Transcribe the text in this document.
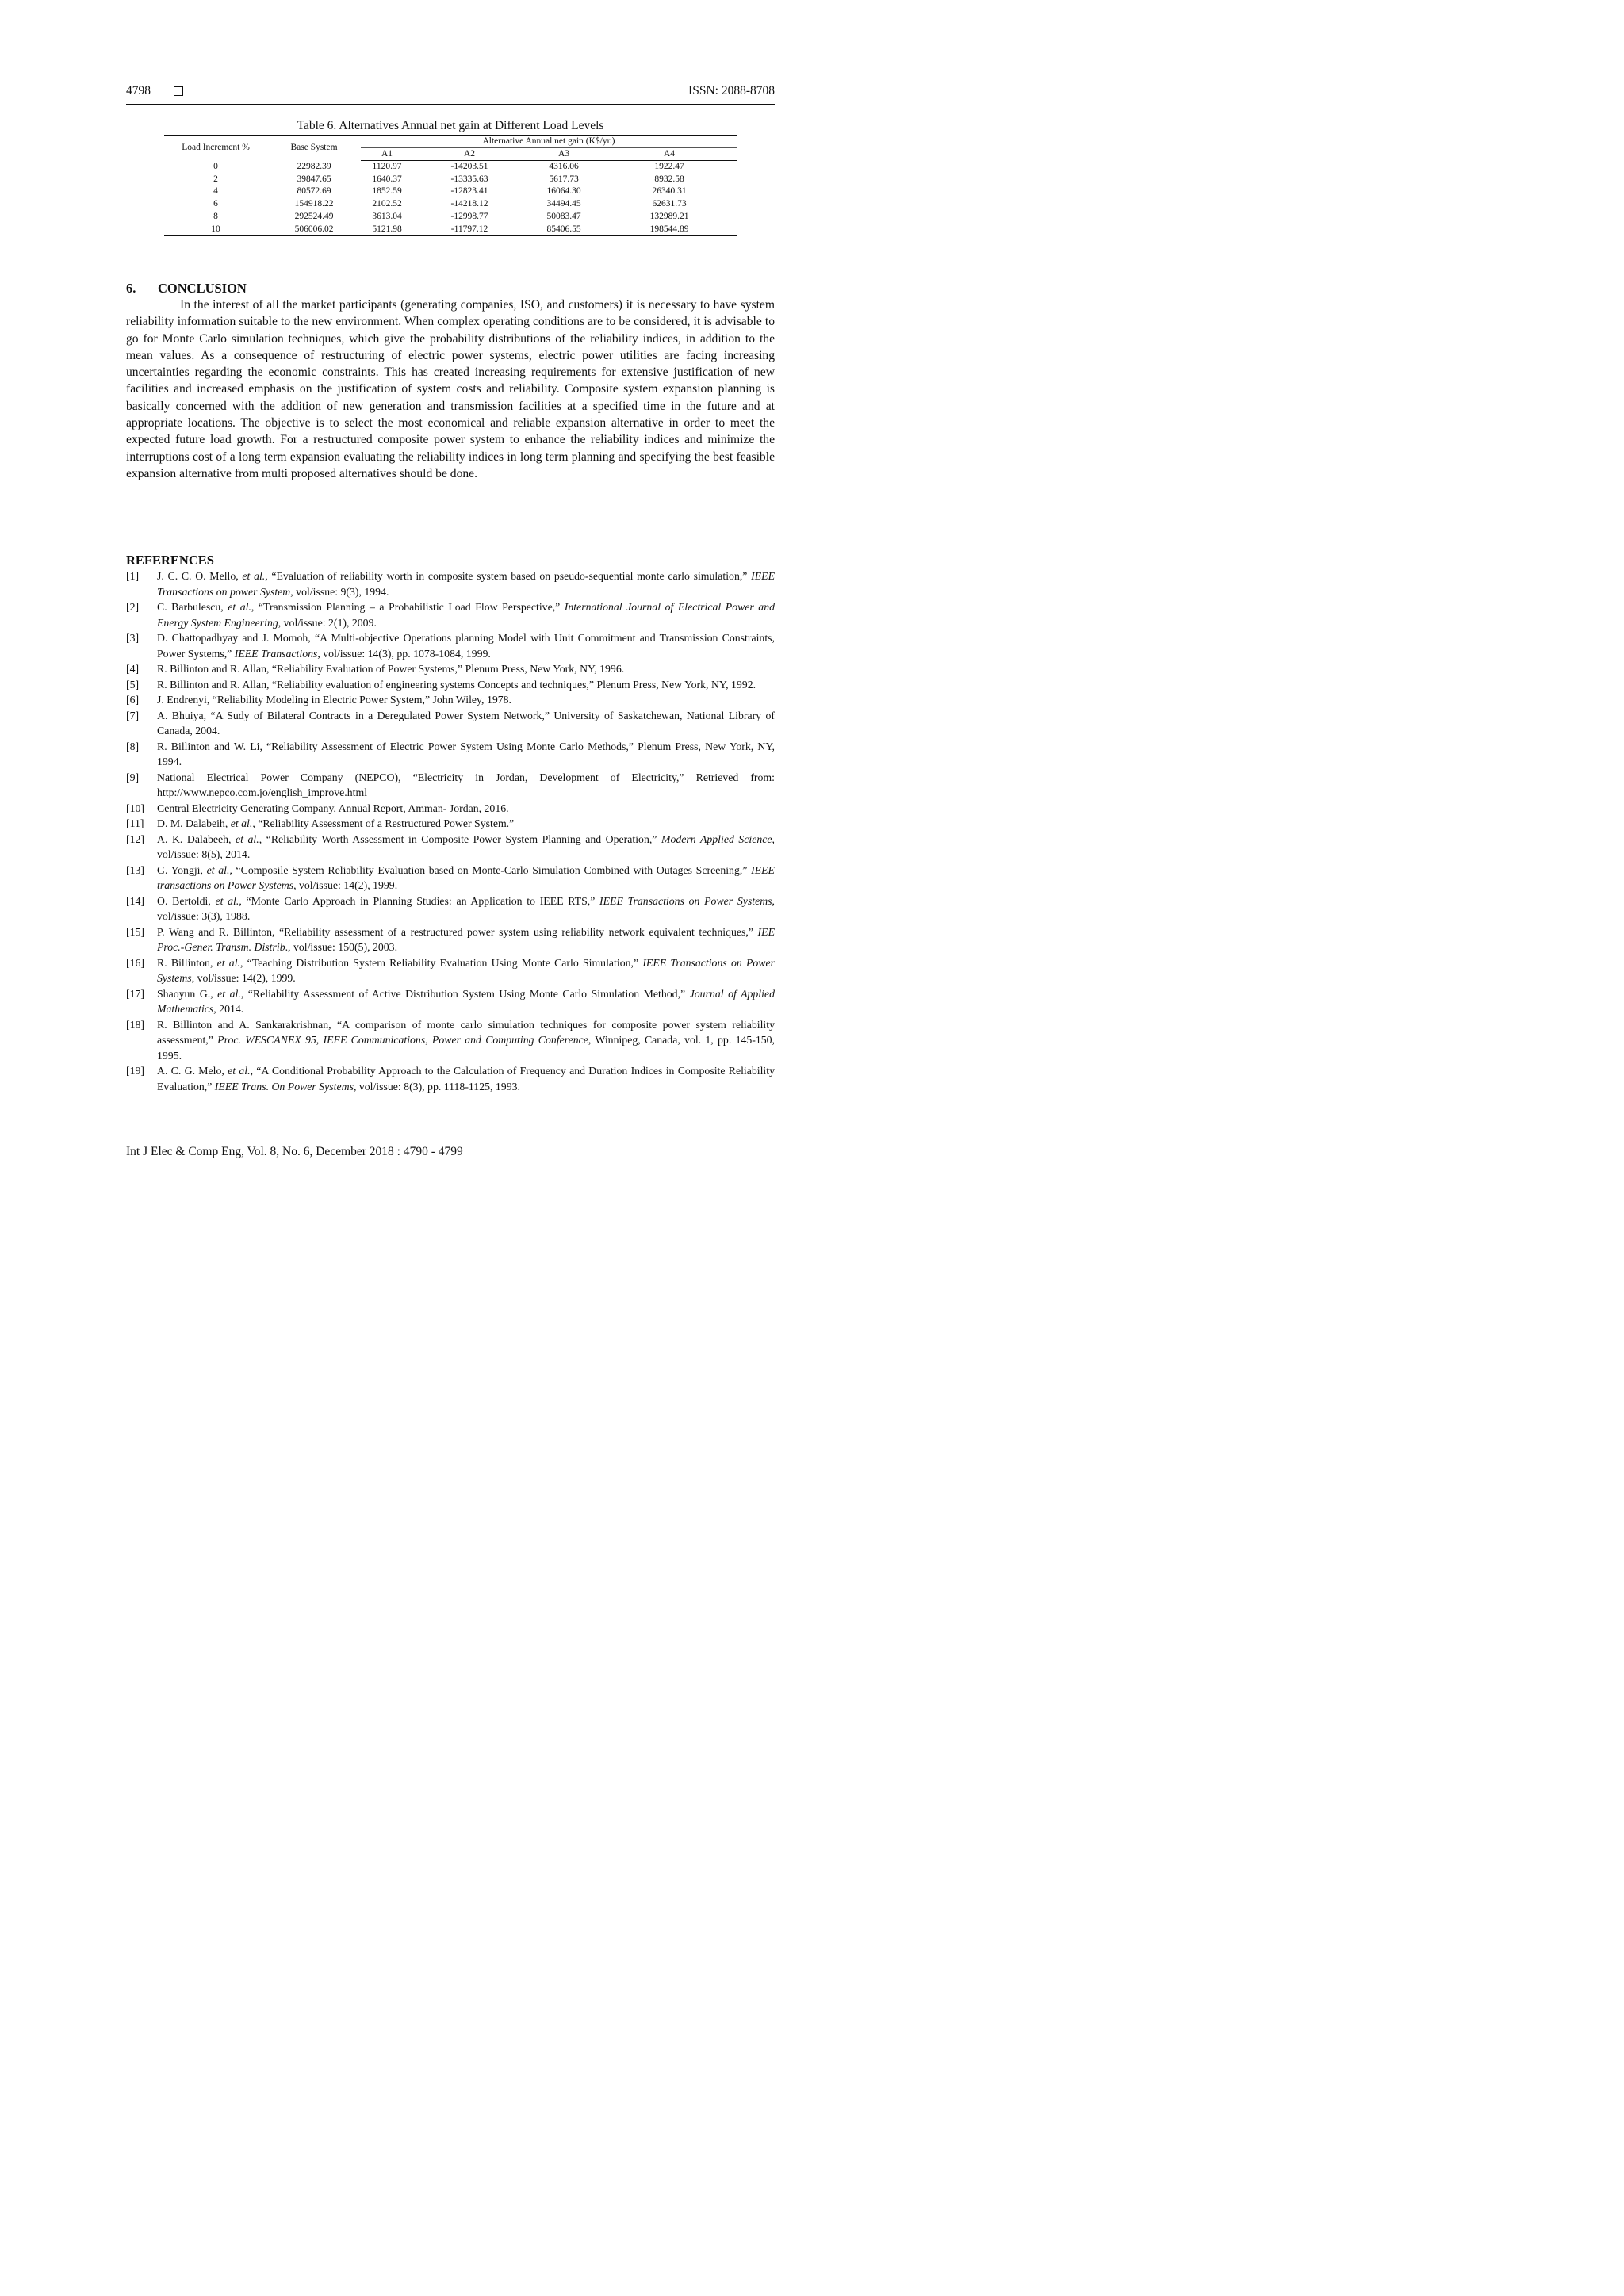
4798	ISSN: 2088-8708
Table 6. Alternatives Annual net gain at Different Load Levels
Load Increment %	Base System	Alternative Annual net gain (K$/yr.)			
		A1	A2	A3	A4
0	22982.39	1120.97	-14203.51	4316.06	1922.47
2	39847.65	1640.37	-13335.63	5617.73	8932.58
4	80572.69	1852.59	-12823.41	16064.30	26340.31
6	154918.22	2102.52	-14218.12	34494.45	62631.73
8	292524.49	3613.04	-12998.77	50083.47	132989.21
10	506006.02	5121.98	-11797.12	85406.55	198544.89
6. CONCLUSION

In the interest of all the market participants (generating companies, ISO, and customers) it is necessary to have system reliability information suitable to the new environment. When complex operating conditions are to be considered, it is advisable to go for Monte Carlo simulation techniques, which give the probability distributions of the reliability indices, in addition to the mean values. As a consequence of restructuring of electric power systems, electric power utilities are facing increasing uncertainties regarding the economic constraints. This has created increasing requirements for extensive justification of new facilities and increased emphasis on the justification of system costs and reliability. Composite system expansion planning is basically concerned with the addition of new generation and transmission facilities at a specified time in the future and at appropriate locations. The objective is to select the most economical and reliable expansion alternative in order to meet the expected future load growth. For a restructured composite power system to enhance the reliability indices and minimize the interruptions cost of a long term expansion evaluating the reliability indices in long term planning and specifying the best feasible expansion alternative from multi proposed alternatives should be done.

REFERENCES
[1] J. C. C. O. Mello, et al., “Evaluation of reliability worth in composite system based on pseudo-sequential monte carlo simulation,” IEEE Transactions on power System, vol/issue: 9(3), 1994.
[2] C. Barbulescu, et al., “Transmission Planning – a Probabilistic Load Flow Perspective,” International Journal of Electrical Power and Energy System Engineering, vol/issue: 2(1), 2009.
[3] D. Chattopadhyay and J. Momoh, “A Multi-objective Operations planning Model with Unit Commitment and Transmission Constraints, Power Systems,” IEEE Transactions, vol/issue: 14(3), pp. 1078-1084, 1999.
[4] R. Billinton and R. Allan, “Reliability Evaluation of Power Systems,” Plenum Press, New York, NY, 1996.
[5] R. Billinton and R. Allan, “Reliability evaluation of engineering systems Concepts and techniques,” Plenum Press, New York, NY, 1992.
[6] J. Endrenyi, “Reliability Modeling in Electric Power System,” John Wiley, 1978.
[7] A. Bhuiya, “A Sudy of Bilateral Contracts in a Deregulated Power System Network,” University of Saskatchewan, National Library of Canada, 2004.
[8] R. Billinton and W. Li, “Reliability Assessment of Electric Power System Using Monte Carlo Methods,” Plenum Press, New York, NY, 1994.
[9] National Electrical Power Company (NEPCO), “Electricity in Jordan, Development of Electricity,” Retrieved from: http://www.nepco.com.jo/english_improve.html
[10] Central Electricity Generating Company, Annual Report, Amman- Jordan, 2016.
[11] D. M. Dalabeih, et al., “Reliability Assessment of a Restructured Power System.”
[12] A. K. Dalabeeh, et al., “Reliability Worth Assessment in Composite Power System Planning and Operation,” Modern Applied Science, vol/issue: 8(5), 2014.
[13] G. Yongji, et al., “Composile System Reliability Evaluation based on Monte-Carlo Simulation Combined with Outages Screening,” IEEE transactions on Power Systems, vol/issue: 14(2), 1999.
[14] O. Bertoldi, et al., “Monte Carlo Approach in Planning Studies: an Application to IEEE RTS,” IEEE Transactions on Power Systems, vol/issue: 3(3), 1988.
[15] P. Wang and R. Billinton, “Reliability assessment of a restructured power system using reliability network equivalent techniques,” IEE Proc.-Gener. Transm. Distrib., vol/issue: 150(5), 2003.
[16] R. Billinton, et al., “Teaching Distribution System Reliability Evaluation Using Monte Carlo Simulation,” IEEE Transactions on Power Systems, vol/issue: 14(2), 1999.
[17] Shaoyun G., et al., “Reliability Assessment of Active Distribution System Using Monte Carlo Simulation Method,” Journal of Applied Mathematics, 2014.
[18] R. Billinton and A. Sankarakrishnan, “A comparison of monte carlo simulation techniques for composite power system reliability assessment,” Proc. WESCANEX 95, IEEE Communications, Power and Computing Conference, Winnipeg, Canada, vol. 1, pp. 145-150, 1995.
[19] A. C. G. Melo, et al., “A Conditional Probability Approach to the Calculation of Frequency and Duration Indices in Composite Reliability Evaluation,” IEEE Trans. On Power Systems, vol/issue: 8(3), pp. 1118-1125, 1993.
Int J Elec & Comp Eng, Vol. 8, No. 6, December 2018 : 4790 - 4799
